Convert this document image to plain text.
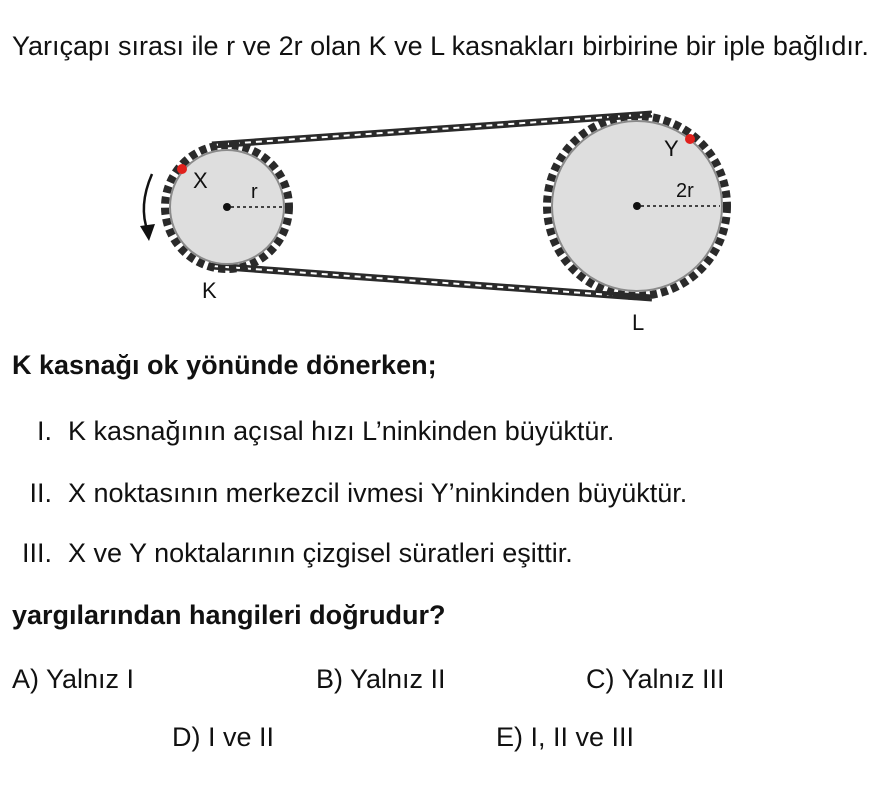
Yarıçapı sırası ile r ve 2r olan K ve L kasnakları birbirine bir iple bağlıdır.
X r
K
Y
2r
L
K kasnağı ok yönünde dönerken;
I. K kasnağının açısal hızı L’ninkinden büyüktür.
II. X noktasının merkezcil ivmesi Y’ninkinden büyüktür.
III. X ve Y noktalarının çizgisel süratleri eşittir.
yargılarından hangileri doğrudur?
A) Yalnız I	B) Yalnız II	C) Yalnız III
D) I ve II	E) I, II ve III
